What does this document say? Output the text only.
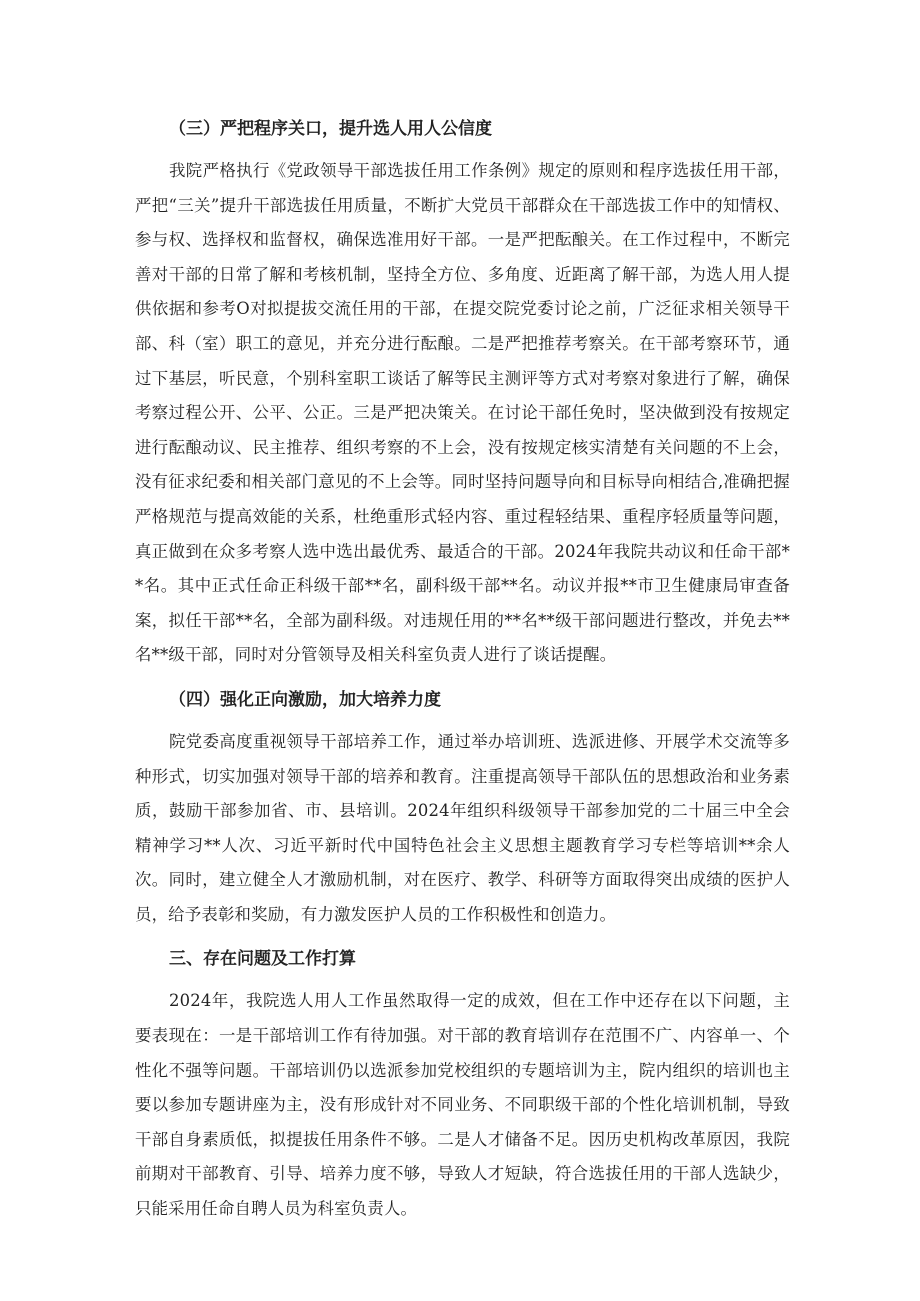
（三）严把程序关口，提升选人用人公信度

我院严格执行《党政领导干部选拔任用工作条例》规定的原则和程序选拔任用干部，严把“三关”提升干部选拔任用质量，不断扩大党员干部群众在干部选拔工作中的知情权、参与权、选择权和监督权，确保选准用好干部。一是严把酝酿关。在工作过程中，不断完善对干部的日常了解和考核机制，坚持全方位、多角度、近距离了解干部，为选人用人提供依据和参考O对拟提拔交流任用的干部，在提交院党委讨论之前，广泛征求相关领导干部、科（室）职工的意见，并充分进行酝酿。二是严把推荐考察关。在干部考察环节，通过下基层，听民意，个别科室职工谈话了解等民主测评等方式对考察对象进行了解，确保考察过程公开、公平、公正。三是严把决策关。在讨论干部任免时，坚决做到没有按规定进行酝酿动议、民主推荐、组织考察的不上会，没有按规定核实清楚有关问题的不上会，没有征求纪委和相关部门意见的不上会等。同时坚持问题导向和目标导向相结合,准确把握严格规范与提高效能的关系，杜绝重形式轻内容、重过程轻结果、重程序轻质量等问题，真正做到在众多考察人选中选出最优秀、最适合的干部。2024年我院共动议和任命干部**名。其中正式任命正科级干部**名，副科级干部**名。动议并报**市卫生健康局审查备案，拟任干部**名，全部为副科级。对违规任用的**名**级干部问题进行整改，并免去**名**级干部，同时对分管领导及相关科室负责人进行了谈话提醒。

（四）强化正向激励，加大培养力度

院党委高度重视领导干部培养工作，通过举办培训班、选派进修、开展学术交流等多种形式，切实加强对领导干部的培养和教育。注重提高领导干部队伍的思想政治和业务素质，鼓励干部参加省、市、县培训。2024年组织科级领导干部参加党的二十届三中全会精神学习**人次、习近平新时代中国特色社会主义思想主题教育学习专栏等培训**余人次。同时，建立健全人才激励机制，对在医疗、教学、科研等方面取得突出成绩的医护人员，给予表彰和奖励，有力激发医护人员的工作积极性和创造力。

三、存在问题及工作打算

2024年，我院选人用人工作虽然取得一定的成效，但在工作中还存在以下问题，主要表现在：一是干部培训工作有待加强。对干部的教育培训存在范围不广、内容单一、个性化不强等问题。干部培训仍以选派参加党校组织的专题培训为主，院内组织的培训也主要以参加专题讲座为主，没有形成针对不同业务、不同职级干部的个性化培训机制，导致干部自身素质低，拟提拔任用条件不够。二是人才储备不足。因历史机构改革原因，我院前期对干部教育、引导、培养力度不够，导致人才短缺，符合选拔任用的干部人选缺少，只能采用任命自聘人员为科室负责人。
